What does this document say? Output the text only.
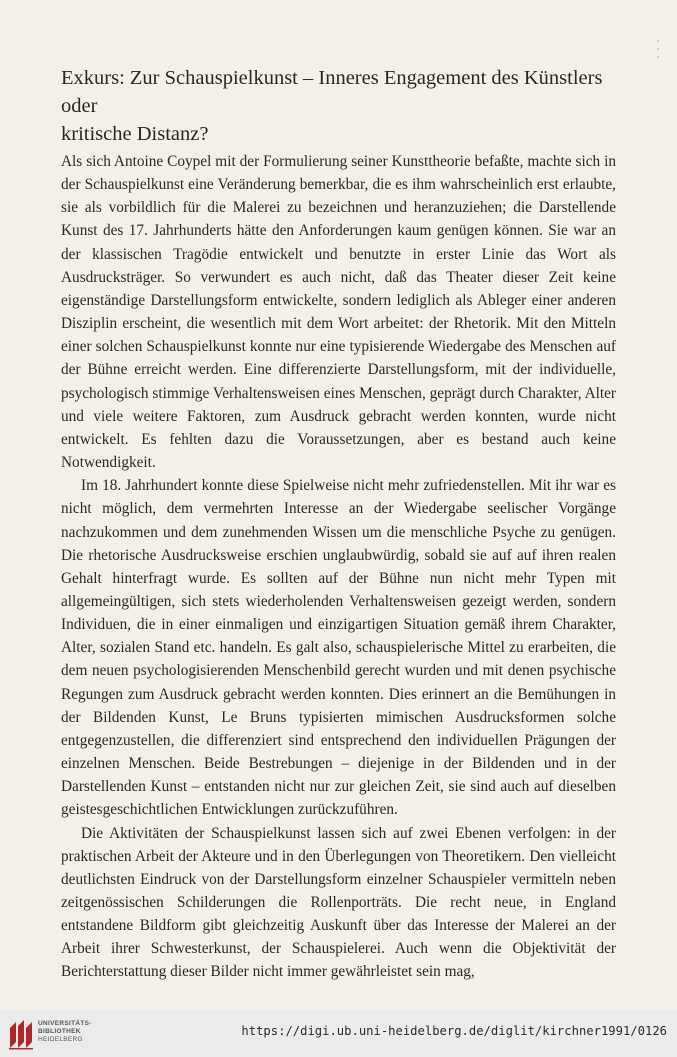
Exkurs: Zur Schauspielkunst – Inneres Engagement des Künstlers oder
kritische Distanz?

Als sich Antoine Coypel mit der Formulierung seiner Kunsttheorie befaßte, machte sich in der Schauspielkunst eine Veränderung bemerkbar, die es ihm wahrscheinlich erst erlaubte, sie als vorbildlich für die Malerei zu bezeichnen und heranzuziehen; die Darstellende Kunst des 17. Jahrhunderts hätte den Anforderungen kaum genügen können. Sie war an der klassischen Tragödie entwickelt und benutzte in erster Linie das Wort als Ausdrucksträger. So verwundert es auch nicht, daß das Theater dieser Zeit keine eigenständige Darstellungsform entwickelte, sondern lediglich als Ableger einer anderen Disziplin erscheint, die wesentlich mit dem Wort arbeitet: der Rhetorik. Mit den Mitteln einer solchen Schauspielkunst konnte nur eine typisierende Wiedergabe des Menschen auf der Bühne erreicht werden. Eine differenzierte Darstellungsform, mit der individuelle, psychologisch stimmige Verhaltensweisen eines Menschen, geprägt durch Charakter, Alter und viele weitere Faktoren, zum Ausdruck gebracht werden konnten, wurde nicht entwickelt. Es fehlten dazu die Voraussetzungen, aber es bestand auch keine Notwendigkeit.

Im 18. Jahrhundert konnte diese Spielweise nicht mehr zufriedenstellen. Mit ihr war es nicht möglich, dem vermehrten Interesse an der Wiedergabe seelischer Vorgänge nachzukommen und dem zunehmenden Wissen um die menschliche Psyche zu genügen. Die rhetorische Ausdrucksweise erschien unglaubwürdig, sobald sie auf auf ihren realen Gehalt hinterfragt wurde. Es sollten auf der Bühne nun nicht mehr Typen mit allgemeingültigen, sich stets wiederholenden Verhaltensweisen gezeigt werden, sondern Individuen, die in einer einmaligen und einzigartigen Situation gemäß ihrem Charakter, Alter, sozialen Stand etc. handeln. Es galt also, schauspielerische Mittel zu erarbeiten, die dem neuen psychologisierenden Menschenbild gerecht wurden und mit denen psychische Regungen zum Ausdruck gebracht werden konnten. Dies erinnert an die Bemühungen in der Bildenden Kunst, Le Bruns typisierten mimischen Ausdrucksformen solche entgegenzustellen, die differenziert sind entsprechend den individuellen Prägungen der einzelnen Menschen. Beide Bestrebungen – diejenige in der Bildenden und in der Darstellenden Kunst – entstanden nicht nur zur gleichen Zeit, sie sind auch auf dieselben geistesgeschichtlichen Entwicklungen zurückzuführen.

Die Aktivitäten der Schauspielkunst lassen sich auf zwei Ebenen verfolgen: in der praktischen Arbeit der Akteure und in den Überlegungen von Theoretikern. Den vielleicht deutlichsten Eindruck von der Darstellungsform einzelner Schauspieler vermitteln neben zeitgenössischen Schilderungen die Rollenporträts. Die recht neue, in England entstandene Bildform gibt gleichzeitig Auskunft über das Interesse der Malerei an der Arbeit ihrer Schwesterkunst, der Schauspielerei. Auch wenn die Objektivität der Berichterstattung dieser Bilder nicht immer gewährleistet sein mag,

UNIVERSITÄTS-
BIBLIOTHEK
HEIDELBERG
https://digi.ub.uni-heidelberg.de/diglit/kirchner1991/0126
